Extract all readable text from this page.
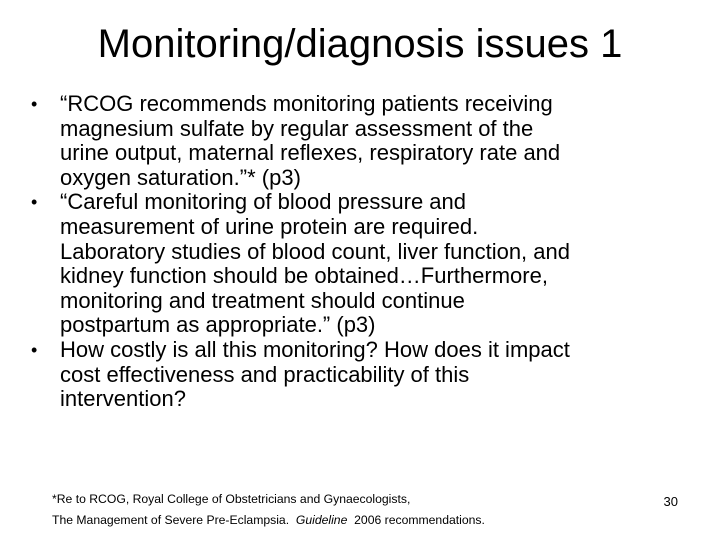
Monitoring/diagnosis issues 1
• “RCOG recommends monitoring patients receiving
magnesium sulfate by regular assessment of the
urine output, maternal reflexes, respiratory rate and
oxygen saturation.”* (p3)
• “Careful monitoring of blood pressure and
measurement of urine protein are required.
Laboratory studies of blood count, liver function, and
kidney function should be obtained…Furthermore,
monitoring and treatment should continue
postpartum as appropriate.” (p3)
• How costly is all this monitoring? How does it impact
cost effectiveness and practicability of this
intervention?
*Re to RCOG, Royal College of Obstetricians and Gynaecologists,
The Management of Severe Pre-Eclampsia.  Guideline  2006 recommendations.
30
